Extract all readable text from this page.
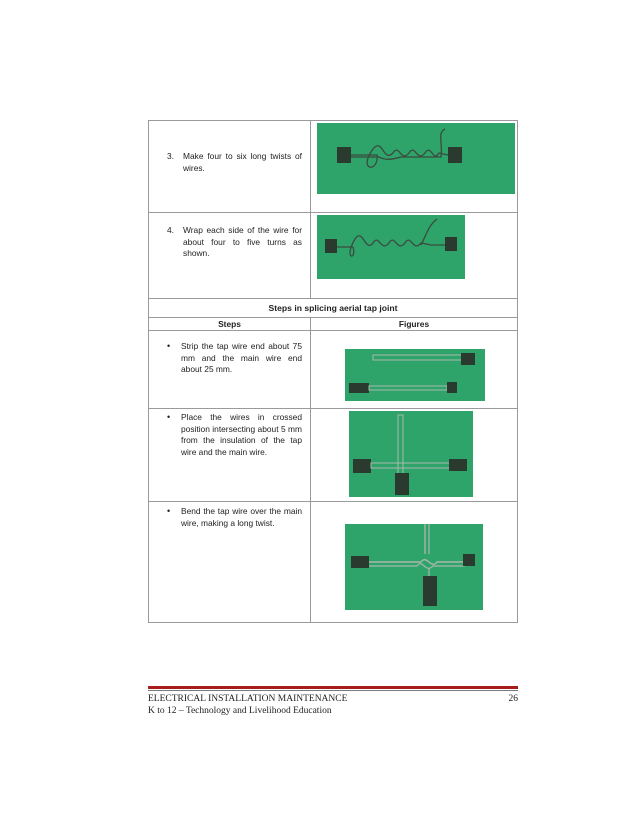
3.	Make four to six long twists of wires.
4.	Wrap each side of the wire for about four to five turns as shown.
Steps in splicing aerial tap joint
Steps	Figures
•	Strip the tap wire end about 75 mm and the main wire end about 25 mm.
•	Place the wires in crossed position intersecting about 5 mm from the insulation of the tap wire and the main wire.
•	Bend the tap wire over the main wire, making a long twist.
ELECTRICAL INSTALLATION MAINTENANCE	26
K to 12 – Technology and Livelihood Education
